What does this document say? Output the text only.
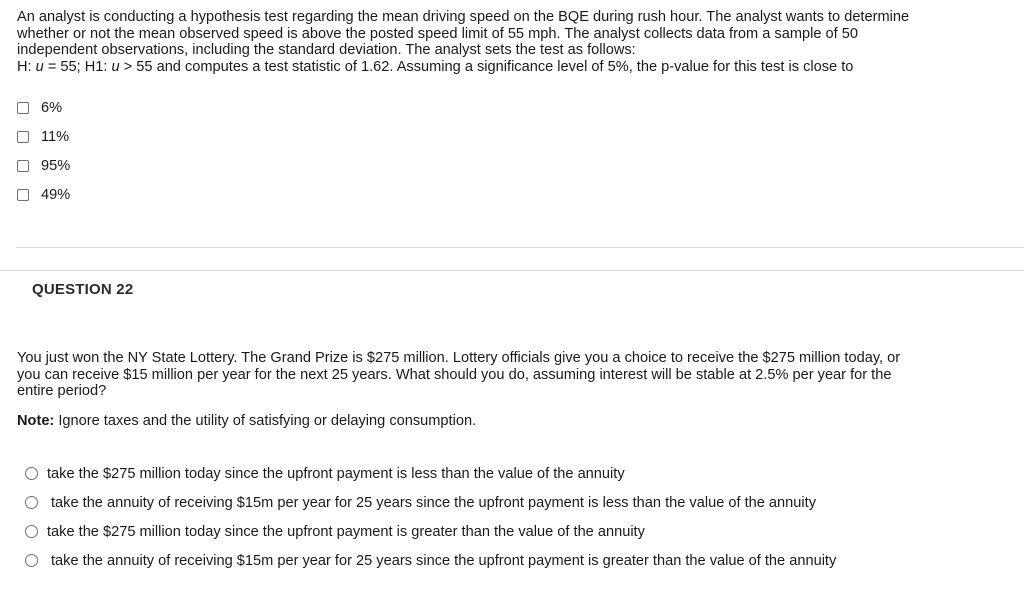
An analyst is conducting a hypothesis test regarding the mean driving speed on the BQE during rush hour. The analyst wants to determine

whether or not the mean observed speed is above the posted speed limit of 55 mph. The analyst collects data from a sample of 50

independent observations, including the standard deviation. The analyst sets the test as follows:

H: u = 55; H1: u > 55 and computes a test statistic of 1.62. Assuming a significance level of 5%, the p-value for this test is close to

6%
11%
95%
49%
QUESTION 22

You just won the NY State Lottery. The Grand Prize is $275 million. Lottery officials give you a choice to receive the $275 million today, or

you can receive $15 million per year for the next 25 years. What should you do, assuming interest will be stable at 2.5% per year for the

entire period?

Note: Ignore taxes and the utility of satisfying or delaying consumption.
take the $275 million today since the upfront payment is less than the value of the annuity
take the annuity of receiving $15m per year for 25 years since the upfront payment is less than the value of the annuity
take the $275 million today since the upfront payment is greater than the value of the annuity
take the annuity of receiving $15m per year for 25 years since the upfront payment is greater than the value of the annuity
